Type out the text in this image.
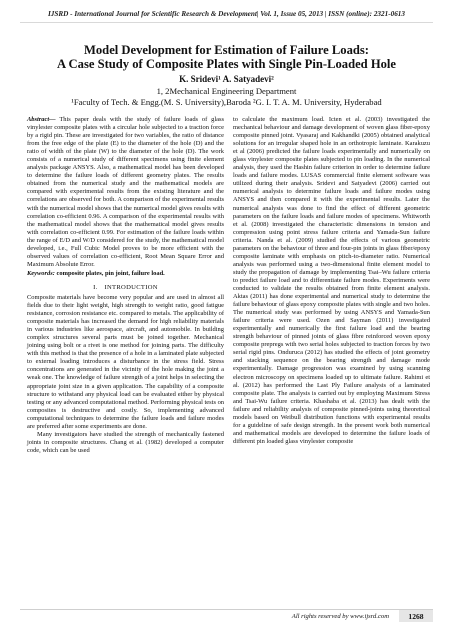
IJSRD - International Journal for Scientific Research & Development| Vol. 1, Issue 05, 2013 | ISSN (online): 2321-0613
Model Development for Estimation of Failure Loads:
A Case Study of Composite Plates with Single Pin-Loaded Hole
K. Sridevi¹ A. Satyadevi²
1, 2Mechanical Engineering Department
¹Faculty of Tech. & Engg.(M. S. University),Baroda ²G. I. T. A. M. University, Hyderabad

Abstract— This paper deals with the study of failure loads of glass vinylester composite plates with a circular hole subjected to a traction force by a rigid pin. These are investigated for two variables, the ratio of distance from the free edge of the plate (E) to the diameter of the hole (D) and the ratio of width of the plate (W) to the diameter of the hole (D). The work consists of a numerical study of different specimens using finite element analysis package ANSYS. Also, a mathematical model has been developed to determine the failure loads of different geometry plates. The results obtained from the numerical study and the mathematical models are compared with experimental results from the existing literature and the correlations are observed for both. A comparison of the experimental results with the numerical model shows that the numerical model gives results with correlation co-efficient 0.96. A comparison of the experimental results with the mathematical model shows that the mathematical model gives results with correlation co-efficient 0.99. For estimation of the failure loads within the range of E/D and W/D considered for the study, the mathematical model developed, i.e., Full Cubic Model proves to be more efficient with the observed values of correlation co-efficient, Root Mean Square Error and Maximum Absolute Error.

Keywords: composite plates, pin joint, failure load.

I. INTRODUCTION

Composite materials have become very popular and are used in almost all fields due to their light weight, high strength to weight ratio, good fatigue resistance, corrosion resistance etc. compared to metals. The applicability of composite materials has increased the demand for high reliability materials in various industries like aerospace, aircraft, and automobile. In building complex structures several parts must be joined together. Mechanical joining using bolt or a rivet is one method for joining parts. The difficulty with this method is that the presence of a hole in a laminated plate subjected to external loading introduces a disturbance in the stress field. Stress concentrations are generated in the vicinity of the hole making the joint a weak one. The knowledge of failure strength of a joint helps in selecting the appropriate joint size in a given application. The capability of a composite structure to withstand any physical load can be evaluated either by physical testing or any advanced computational method. Performing physical tests on composites is destructive and costly. So, implementing advanced computational techniques to determine the failure loads and failure modes are preferred after some experiments are done.

Many investigators have studied the strength of mechanically fastened joints in composite structures. Chang et al. (1982) developed a computer code, which can be used

to calculate the maximum load. Icten et al. (2003) investigated the mechanical behaviour and damage development of woven glass fiber-epoxy composite pinned joint. Vyasaraj and Kakhandki (2005) obtained analytical solutions for an irregular shaped hole in an orthotropic laminate. Karakuzu et al (2006) predicted the failure loads experimentally and numerically on glass vinylester composite plates subjected to pin loading. In the numerical analysis, they used the Hashin failure criterion in order to determine failure loads and failure modes. LUSAS commercial finite element software was utilized during their analysis. Sridevi and Satyadevi (2006) carried out numerical analysis to determine failure loads and failure modes using ANSYS and then compared it with the experimental results. Later the numerical analysis was done to find the effect of different geometric parameters on the failure loads and failure modes of specimens. Whitworth et al. (2008) investigated the characteristic dimensions in tension and compression using point stress failure criteria and Yamada-Sun failure criteria. Nanda et al. (2009) studied the effects of various geometric parameters on the behaviour of three and four-pin joints in glass fiber/epoxy composite laminate with emphasis on pitch-to-diameter ratio. Numerical analysis was performed using a two-dimensional finite element model to study the propagation of damage by implementing Tsai–Wu failure criteria to predict failure load and to differentiate failure modes. Experiments were conducted to validate the results obtained from finite element analysis. Aktas (2011) has done experimental and numerical study to determine the failure behaviour of glass epoxy composite plates with single and two holes. The numerical study was performed by using ANSYS and Yamada-Sun failure criteria were used. Ozen and Sayman (2011) investigated experimentally and numerically the first failure load and the bearing strength behaviour of pinned joints of glass fibre reinforced woven epoxy composite prepregs with two serial holes subjected to traction forces by two serial rigid pins. Onduruca (2012) has studied the effects of joint geometry and stacking sequence on the bearing strength and damage mode experimentally. Damage progression was examined by using scanning electron microscopy on specimens loaded up to ultimate failure. Rahimi et al. (2012) has performed the Last Ply Failure analysis of a laminated composite plate. The analysis is carried out by employing Maximum Stress and Tsai-Wu failure criteria. Khashaba et al. (2013) has dealt with the failure and reliability analysis of composite pinned-joints using theoretical models based on Weibull distribution functions with experimental results for a guideline of safe design strength. In the present work both numerical and mathematical models are developed to determine the failure loads of different pin loaded glass vinylester composite

All rights reserved by www.ijsrd.com	1268
